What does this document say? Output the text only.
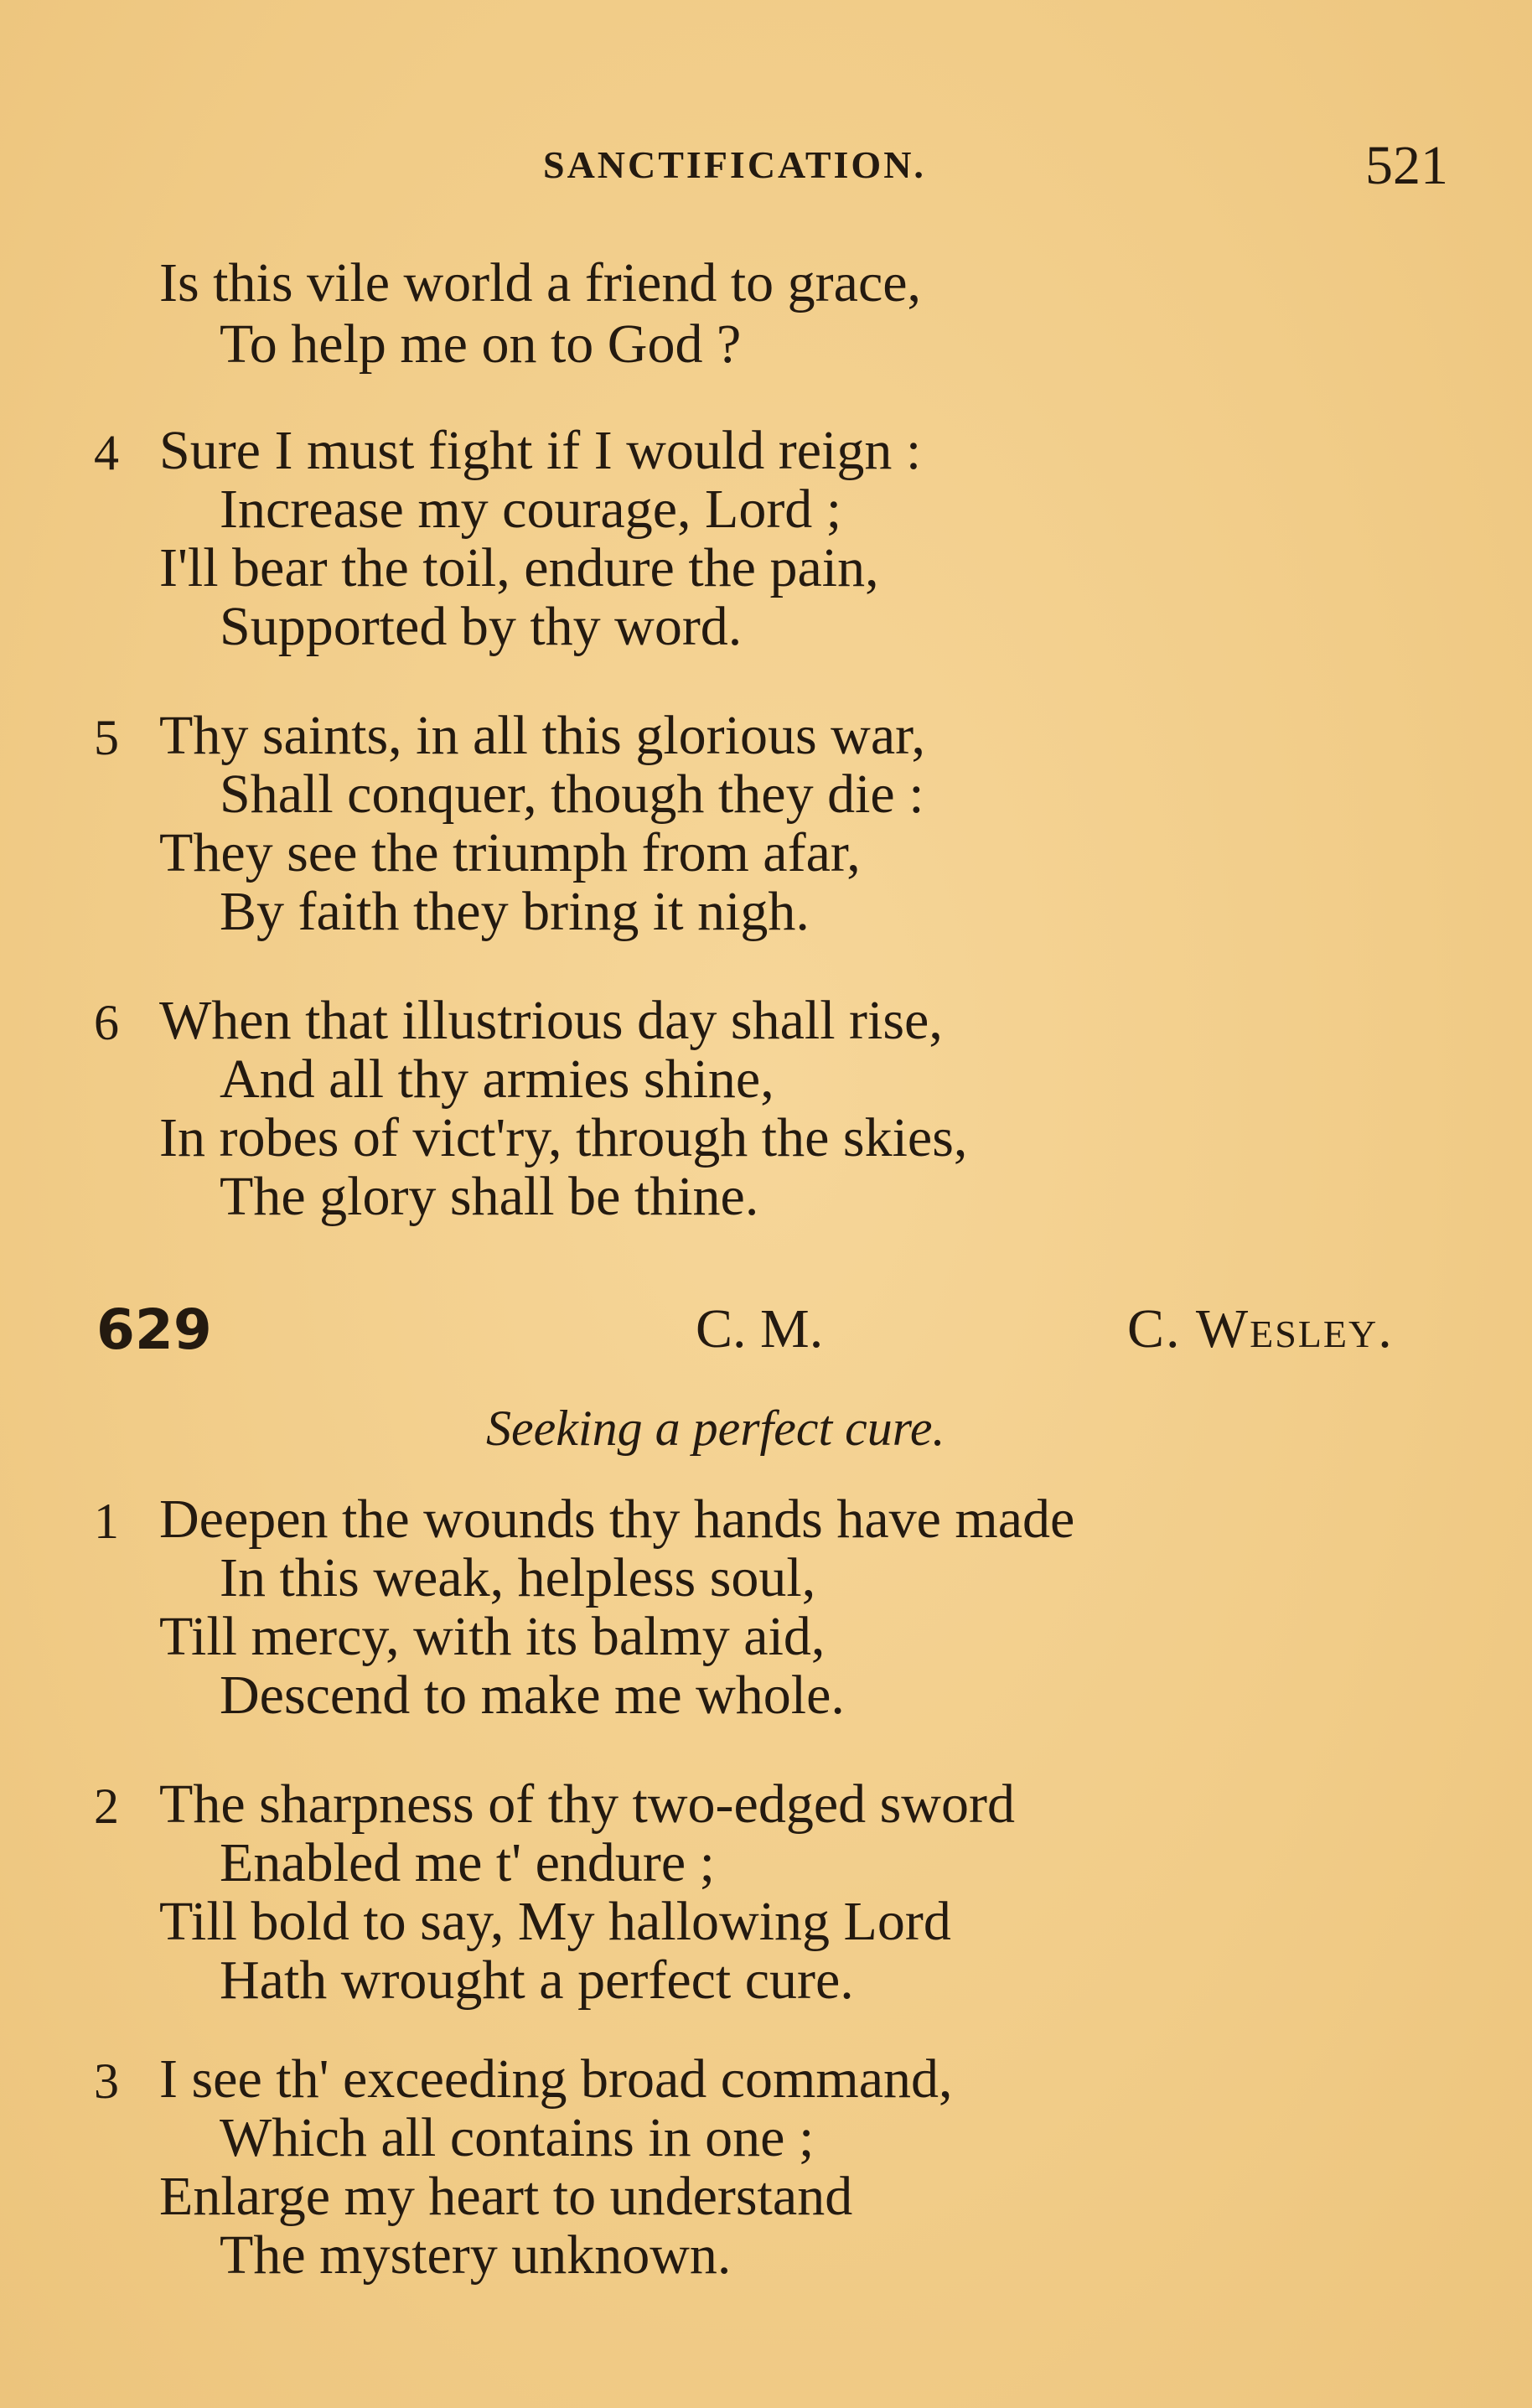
SANCTIFICATION.	521
Is this vile world a friend to grace,
To help me on to God ?
4 Sure I must fight if I would reign :
Increase my courage, Lord ;
I'll bear the toil, endure the pain,
Supported by thy word.
5 Thy saints, in all this glorious war,
Shall conquer, though they die :
They see the triumph from afar,
By faith they bring it nigh.
6 When that illustrious day shall rise,
And all thy armies shine,
In robes of vict'ry, through the skies,
The glory shall be thine.
629	C. M.	C. Wesley.
Seeking a perfect cure.
1 Deepen the wounds thy hands have made
In this weak, helpless soul,
Till mercy, with its balmy aid,
Descend to make me whole.
2 The sharpness of thy two-edged sword
Enabled me t' endure ;
Till bold to say, My hallowing Lord
Hath wrought a perfect cure.
3 I see th' exceeding broad command,
Which all contains in one ;
Enlarge my heart to understand
The mystery unknown.
